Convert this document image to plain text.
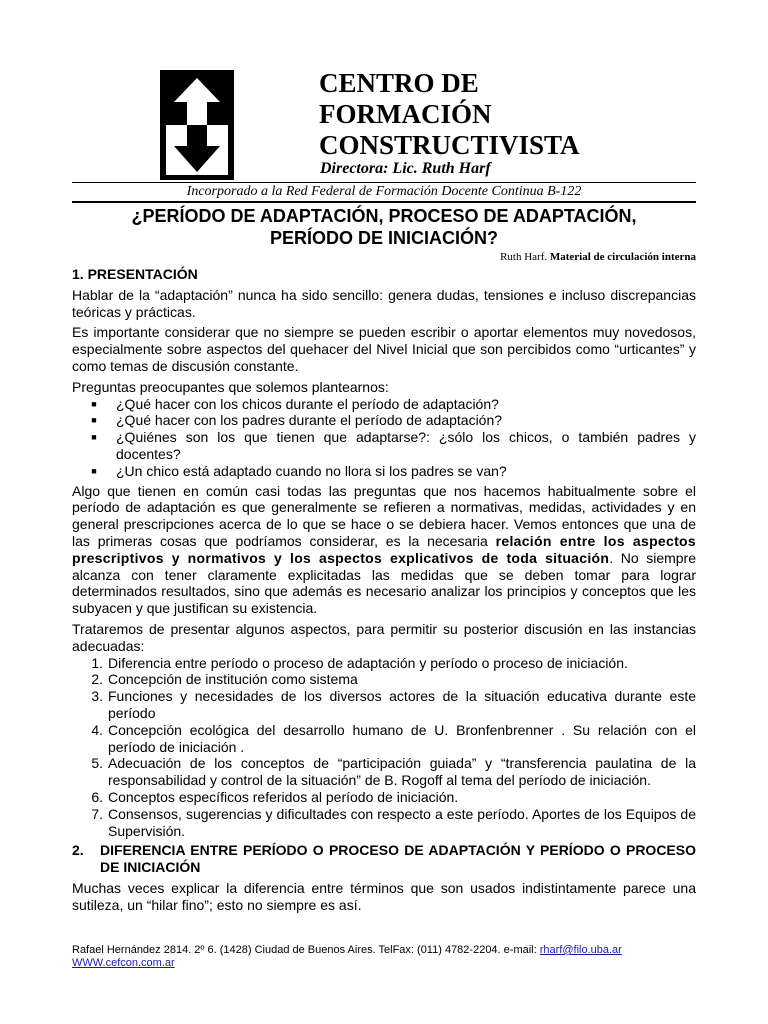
CENTRO DE
FORMACIÓN
CONSTRUCTIVISTA
Directora: Lic. Ruth Harf
Incorporado a la Red Federal de Formación Docente Continua B-122
¿PERÍODO DE ADAPTACIÓN, PROCESO DE ADAPTACIÓN,
PERÍODO DE INICIACIÓN?
Ruth Harf. Material de circulación interna
1. PRESENTACIÓN

Hablar de la “adaptación” nunca ha sido sencillo: genera dudas, tensiones e incluso discrepancias teóricas y prácticas.

Es importante considerar que no siempre se pueden escribir o aportar elementos muy novedosos, especialmente sobre aspectos del quehacer del Nivel Inicial que son percibidos como “urticantes” y como temas de discusión constante.

Preguntas preocupantes que solemos plantearnos:

■	¿Qué hacer con los chicos durante el período de adaptación?
■	¿Qué hacer con los padres durante el período de adaptación?
■	¿Quiénes son los que tienen que adaptarse?: ¿sólo los chicos, o también padres y docentes?
■	¿Un chico está adaptado cuando no llora si los padres se van?

Algo que tienen en común casi todas las preguntas que nos hacemos habitualmente sobre el período de adaptación es que generalmente se refieren a normativas, medidas, actividades y en general prescripciones acerca de lo que se hace o se debiera hacer. Vemos entonces que una de las primeras cosas que podríamos considerar, es la necesaria relación entre los aspectos prescriptivos y normativos y los aspectos explicativos de toda situación. No siempre alcanza con tener claramente explicitadas las medidas que se deben tomar para lograr determinados resultados, sino que además es necesario analizar los principios y conceptos que les subyacen y que justifican su existencia.

Trataremos de presentar algunos aspectos, para permitir su posterior discusión en las instancias adecuadas:

1. Diferencia entre período o proceso de adaptación y período o proceso de iniciación.
2. Concepción de institución como sistema
3. Funciones y necesidades de los diversos actores de la situación educativa durante este período
4. Concepción ecológica del desarrollo humano de U. Bronfenbrenner . Su relación con el período de iniciación .
5. Adecuación de los conceptos de “participación guiada” y “transferencia paulatina de la responsabilidad y control de la situación” de B. Rogoff al tema del período de iniciación.
6. Conceptos específicos referidos al período de iniciación.
7. Consensos, sugerencias y dificultades con respecto a este período. Aportes de los Equipos de Supervisión.
2.	DIFERENCIA ENTRE PERÍODO O PROCESO DE ADAPTACIÓN Y PERÍODO O PROCESO DE INICIACIÓN

Muchas veces explicar la diferencia entre términos que son usados indistintamente parece una sutileza, un “hilar fino”; esto no siempre es así.

Rafael Hernández 2814. 2º 6. (1428) Ciudad de Buenos Aires. TelFax: (011) 4782-2204. e-mail: rharf@filo.uba.ar
WWW.cefcon.com.ar
